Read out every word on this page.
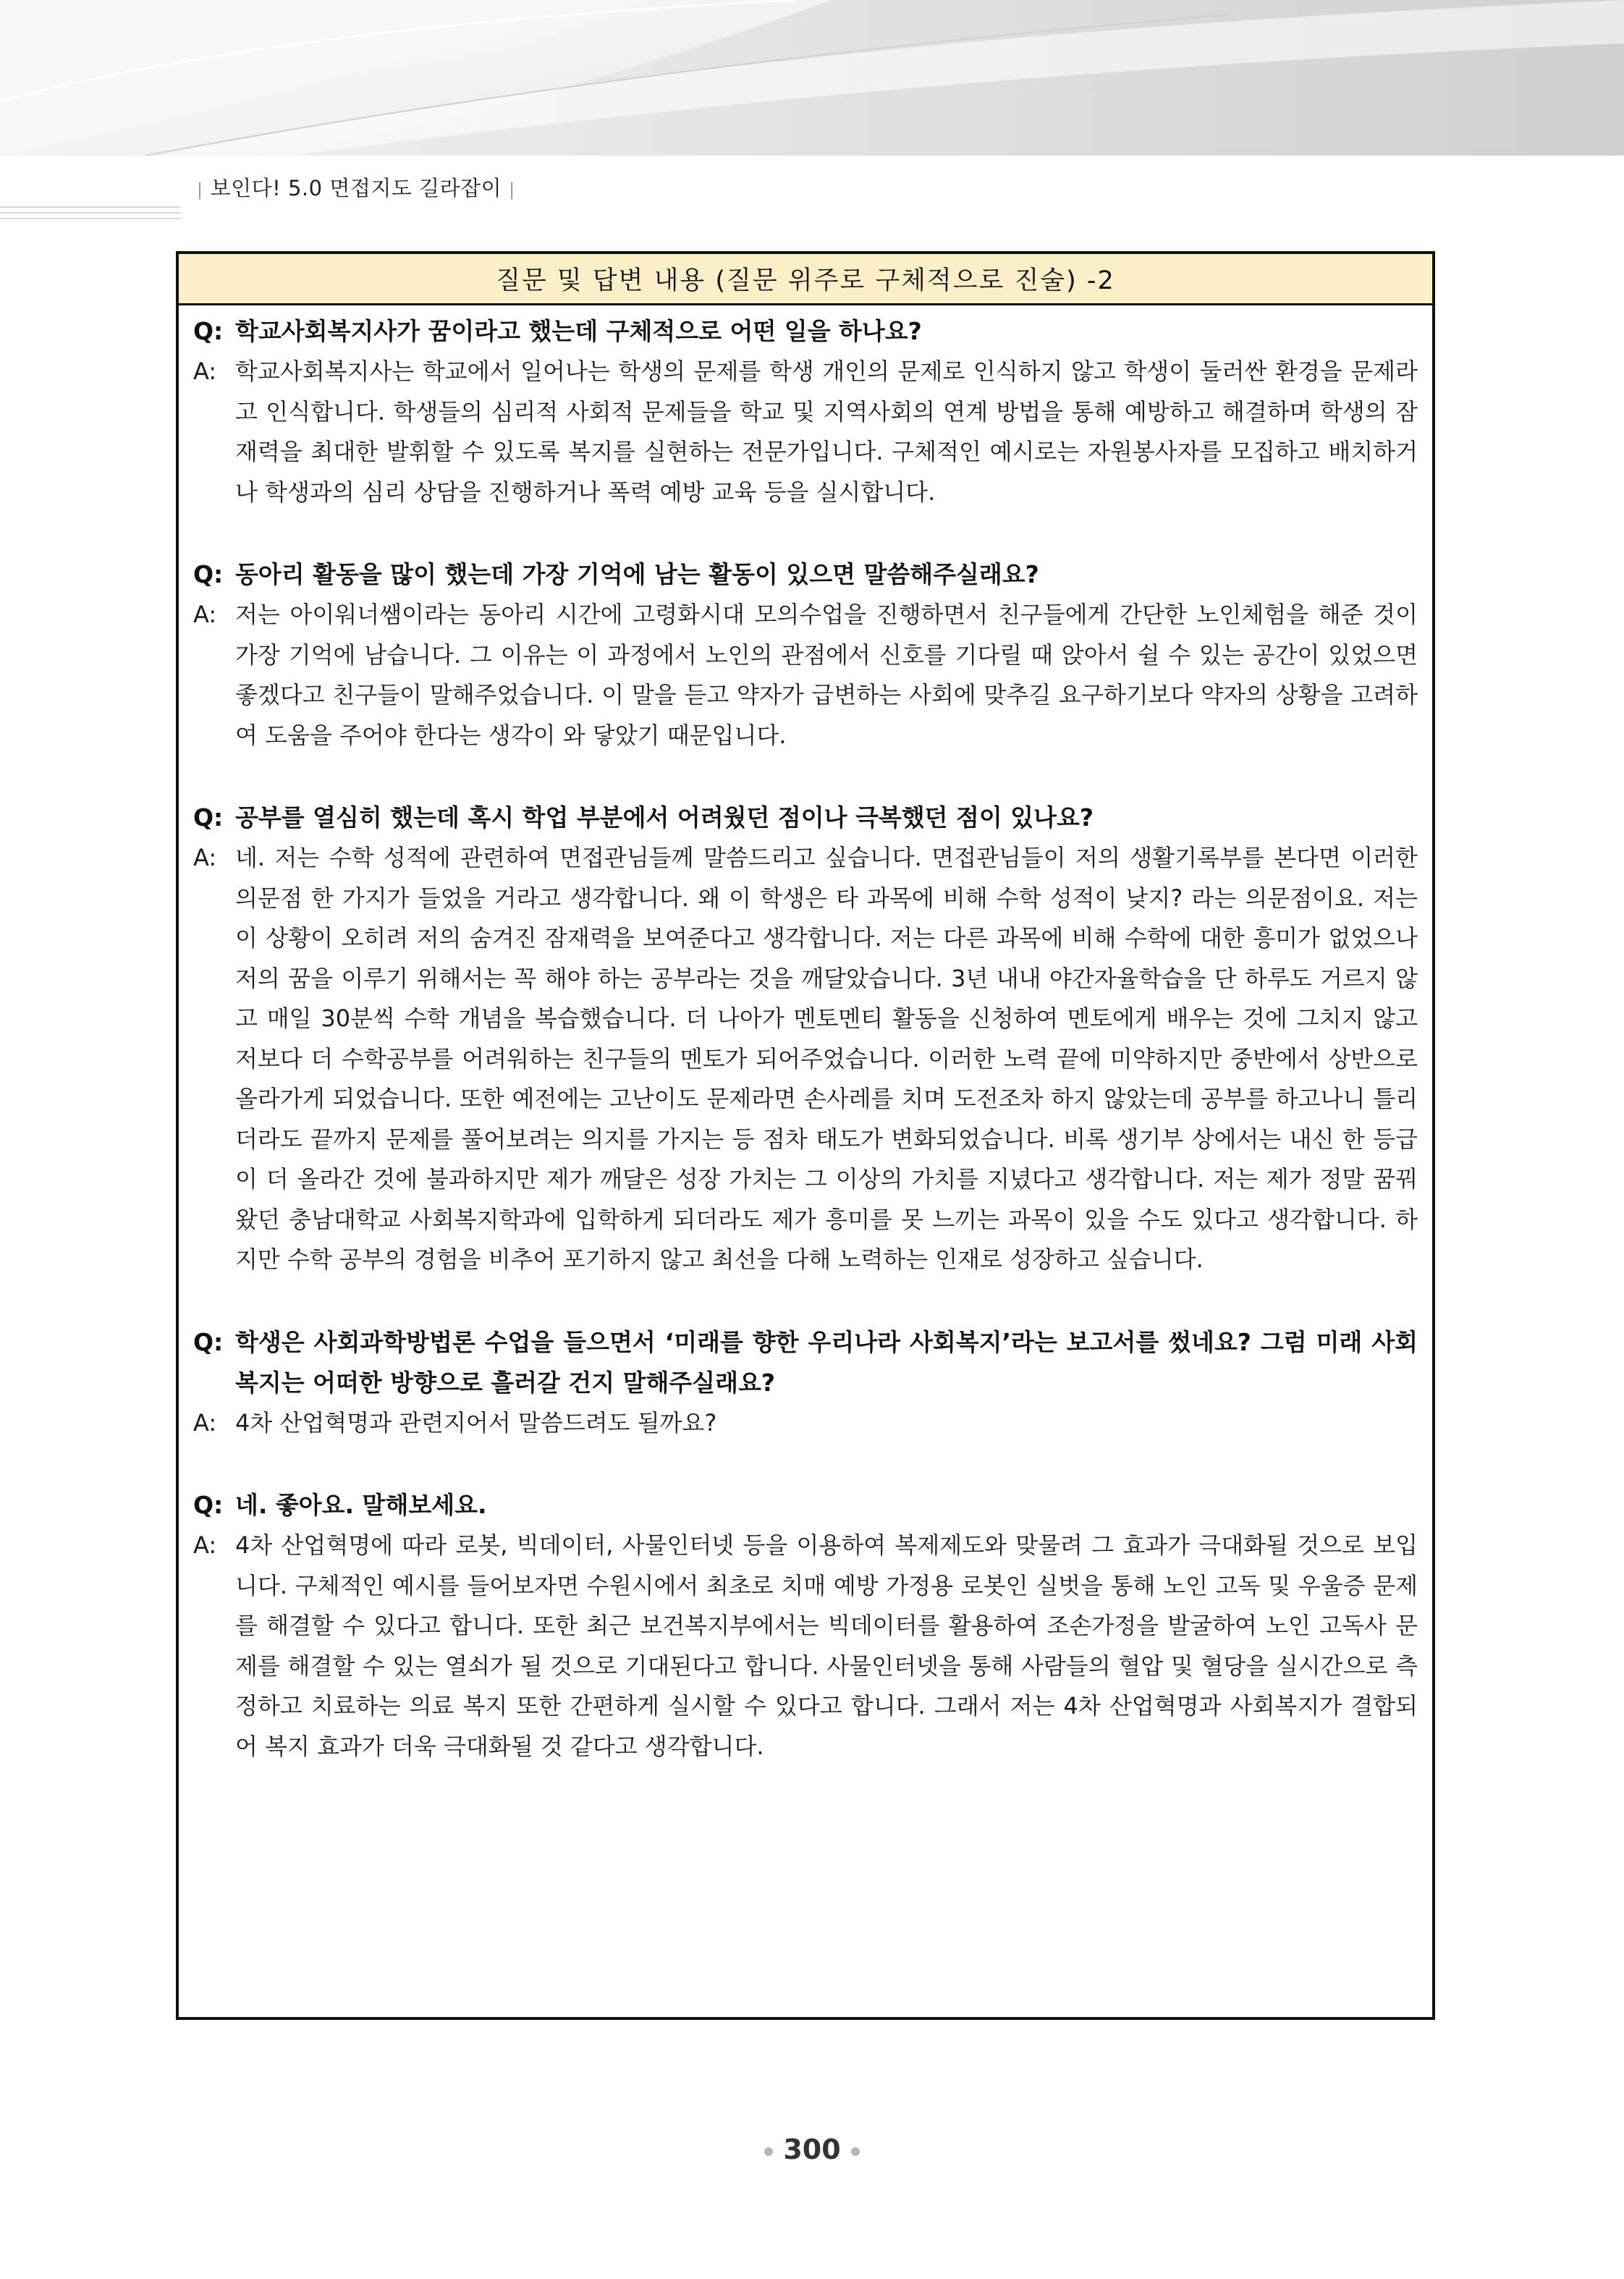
| 보인다! 5.0 면접지도 길라잡이 |
질문 및 답변 내용 (질문 위주로 구체적으로 진술) -2
Q: 학교사회복지사가 꿈이라고 했는데 구체적으로 어떤 일을 하나요?
A: 학교사회복지사는 학교에서 일어나는 학생의 문제를 학생 개인의 문제로 인식하지 않고 학생이 둘러싼 환경을 문제라고 인식합니다. 학생들의 심리적 사회적 문제들을 학교 및 지역사회의 연계 방법을 통해 예방하고 해결하며 학생의 잠재력을 최대한 발휘할 수 있도록 복지를 실현하는 전문가입니다. 구체적인 예시로는 자원봉사자를 모집하고 배치하거나 학생과의 심리 상담을 진행하거나 폭력 예방 교육 등을 실시합니다.
Q: 동아리 활동을 많이 했는데 가장 기억에 남는 활동이 있으면 말씀해주실래요?
A: 저는 아이워너쌤이라는 동아리 시간에 고령화시대 모의수업을 진행하면서 친구들에게 간단한 노인체험을 해준 것이 가장 기억에 남습니다. 그 이유는 이 과정에서 노인의 관점에서 신호를 기다릴 때 앉아서 쉴 수 있는 공간이 있었으면 좋겠다고 친구들이 말해주었습니다. 이 말을 듣고 약자가 급변하는 사회에 맞추길 요구하기보다 약자의 상황을 고려하여 도움을 주어야 한다는 생각이 와 닿았기 때문입니다.
Q: 공부를 열심히 했는데 혹시 학업 부분에서 어려웠던 점이나 극복했던 점이 있나요?
A: 네. 저는 수학 성적에 관련하여 면접관님들께 말씀드리고 싶습니다. 면접관님들이 저의 생활기록부를 본다면 이러한 의문점 한 가지가 들었을 거라고 생각합니다. 왜 이 학생은 타 과목에 비해 수학 성적이 낮지? 라는 의문점이요. 저는 이 상황이 오히려 저의 숨겨진 잠재력을 보여준다고 생각합니다. 저는 다른 과목에 비해 수학에 대한 흥미가 없었으나 저의 꿈을 이루기 위해서는 꼭 해야 하는 공부라는 것을 깨달았습니다. 3년 내내 야간자율학습을 단 하루도 거르지 않고 매일 30분씩 수학 개념을 복습했습니다. 더 나아가 멘토멘티 활동을 신청하여 멘토에게 배우는 것에 그치지 않고 저보다 더 수학공부를 어려워하는 친구들의 멘토가 되어주었습니다. 이러한 노력 끝에 미약하지만 중반에서 상반으로 올라가게 되었습니다. 또한 예전에는 고난이도 문제라면 손사레를 치며 도전조차 하지 않았는데 공부를 하고나니 틀리더라도 끝까지 문제를 풀어보려는 의지를 가지는 등 점차 태도가 변화되었습니다. 비록 생기부 상에서는 내신 한 등급이 더 올라간 것에 불과하지만 제가 깨달은 성장 가치는 그 이상의 가치를 지녔다고 생각합니다. 저는 제가 정말 꿈꿔왔던 충남대학교 사회복지학과에 입학하게 되더라도 제가 흥미를 못 느끼는 과목이 있을 수도 있다고 생각합니다. 하지만 수학 공부의 경험을 비추어 포기하지 않고 최선을 다해 노력하는 인재로 성장하고 싶습니다.
Q: 학생은 사회과학방법론 수업을 들으면서 ‘미래를 향한 우리나라 사회복지’라는 보고서를 썼네요? 그럼 미래 사회복지는 어떠한 방향으로 흘러갈 건지 말해주실래요?
A: 4차 산업혁명과 관련지어서 말씀드려도 될까요?
Q: 네. 좋아요. 말해보세요.
A: 4차 산업혁명에 따라 로봇, 빅데이터, 사물인터넷 등을 이용하여 복제제도와 맞물려 그 효과가 극대화될 것으로 보입니다. 구체적인 예시를 들어보자면 수원시에서 최초로 치매 예방 가정용 로봇인 실벗을 통해 노인 고독 및 우울증 문제를 해결할 수 있다고 합니다. 또한 최근 보건복지부에서는 빅데이터를 활용하여 조손가정을 발굴하여 노인 고독사 문제를 해결할 수 있는 열쇠가 될 것으로 기대된다고 합니다. 사물인터넷을 통해 사람들의 혈압 및 혈당을 실시간으로 측정하고 치료하는 의료 복지 또한 간편하게 실시할 수 있다고 합니다. 그래서 저는 4차 산업혁명과 사회복지가 결합되어 복지 효과가 더욱 극대화될 것 같다고 생각합니다.
300
